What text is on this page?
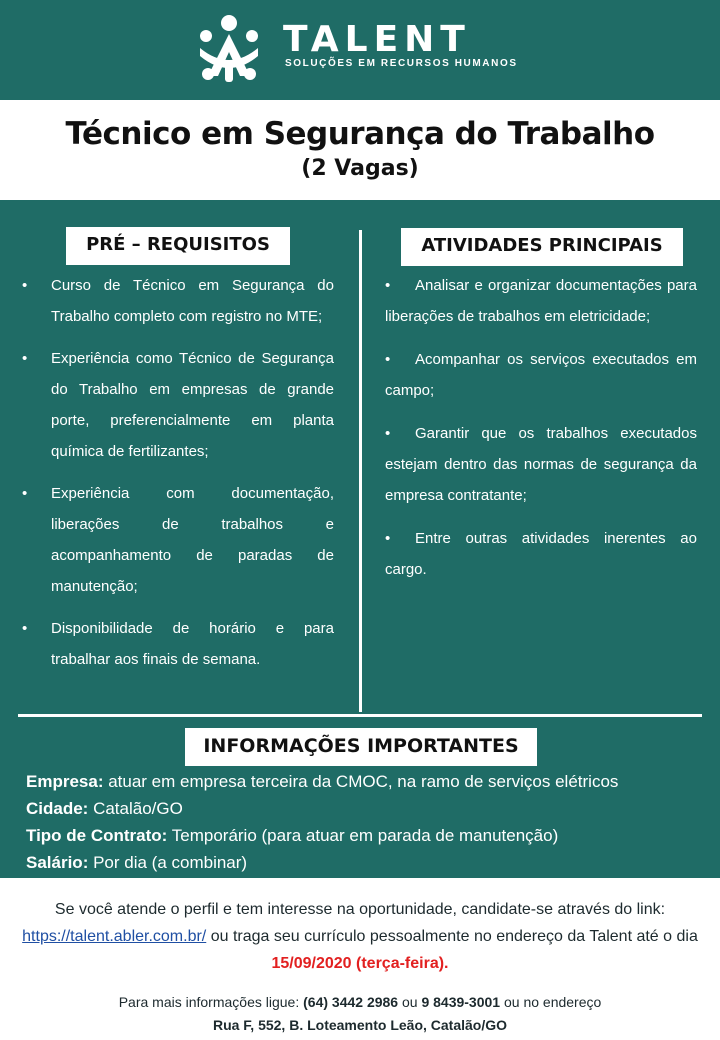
TALENT
SOLUÇÕES EM RECURSOS HUMANOS
Técnico em Segurança do Trabalho
(2 Vagas)
PRÉ – REQUISITOS	ATIVIDADES PRINCIPAIS
• Curso de Técnico em Segurança do Trabalho completo com registro no MTE;
• Experiência como Técnico de Segurança do Trabalho em empresas de grande porte, preferencialmente em planta química de fertilizantes;
• Experiência com documentação, liberações de trabalhos e acompanhamento de paradas de manutenção;
• Disponibilidade de horário e para trabalhar aos finais de semana.
• Analisar e organizar documentações para liberações de trabalhos em eletricidade;
• Acompanhar os serviços executados em campo;
• Garantir que os trabalhos executados estejam dentro das normas de segurança da empresa contratante;
• Entre outras atividades inerentes ao cargo.
INFORMAÇÕES IMPORTANTES
Empresa: atuar em empresa terceira da CMOC, na ramo de serviços elétricos
Cidade: Catalão/GO
Tipo de Contrato: Temporário (para atuar em parada de manutenção)
Salário: Por dia (a combinar)

Se você atende o perfil e tem interesse na oportunidade, candidate-se através do link: https://talent.abler.com.br/ ou traga seu currículo pessoalmente no endereço da Talent até o dia 15/09/2020 (terça-feira).

Para mais informações ligue: (64) 3442 2986 ou 9 8439-3001 ou no endereço
Rua F, 552, B. Loteamento Leão, Catalão/GO
